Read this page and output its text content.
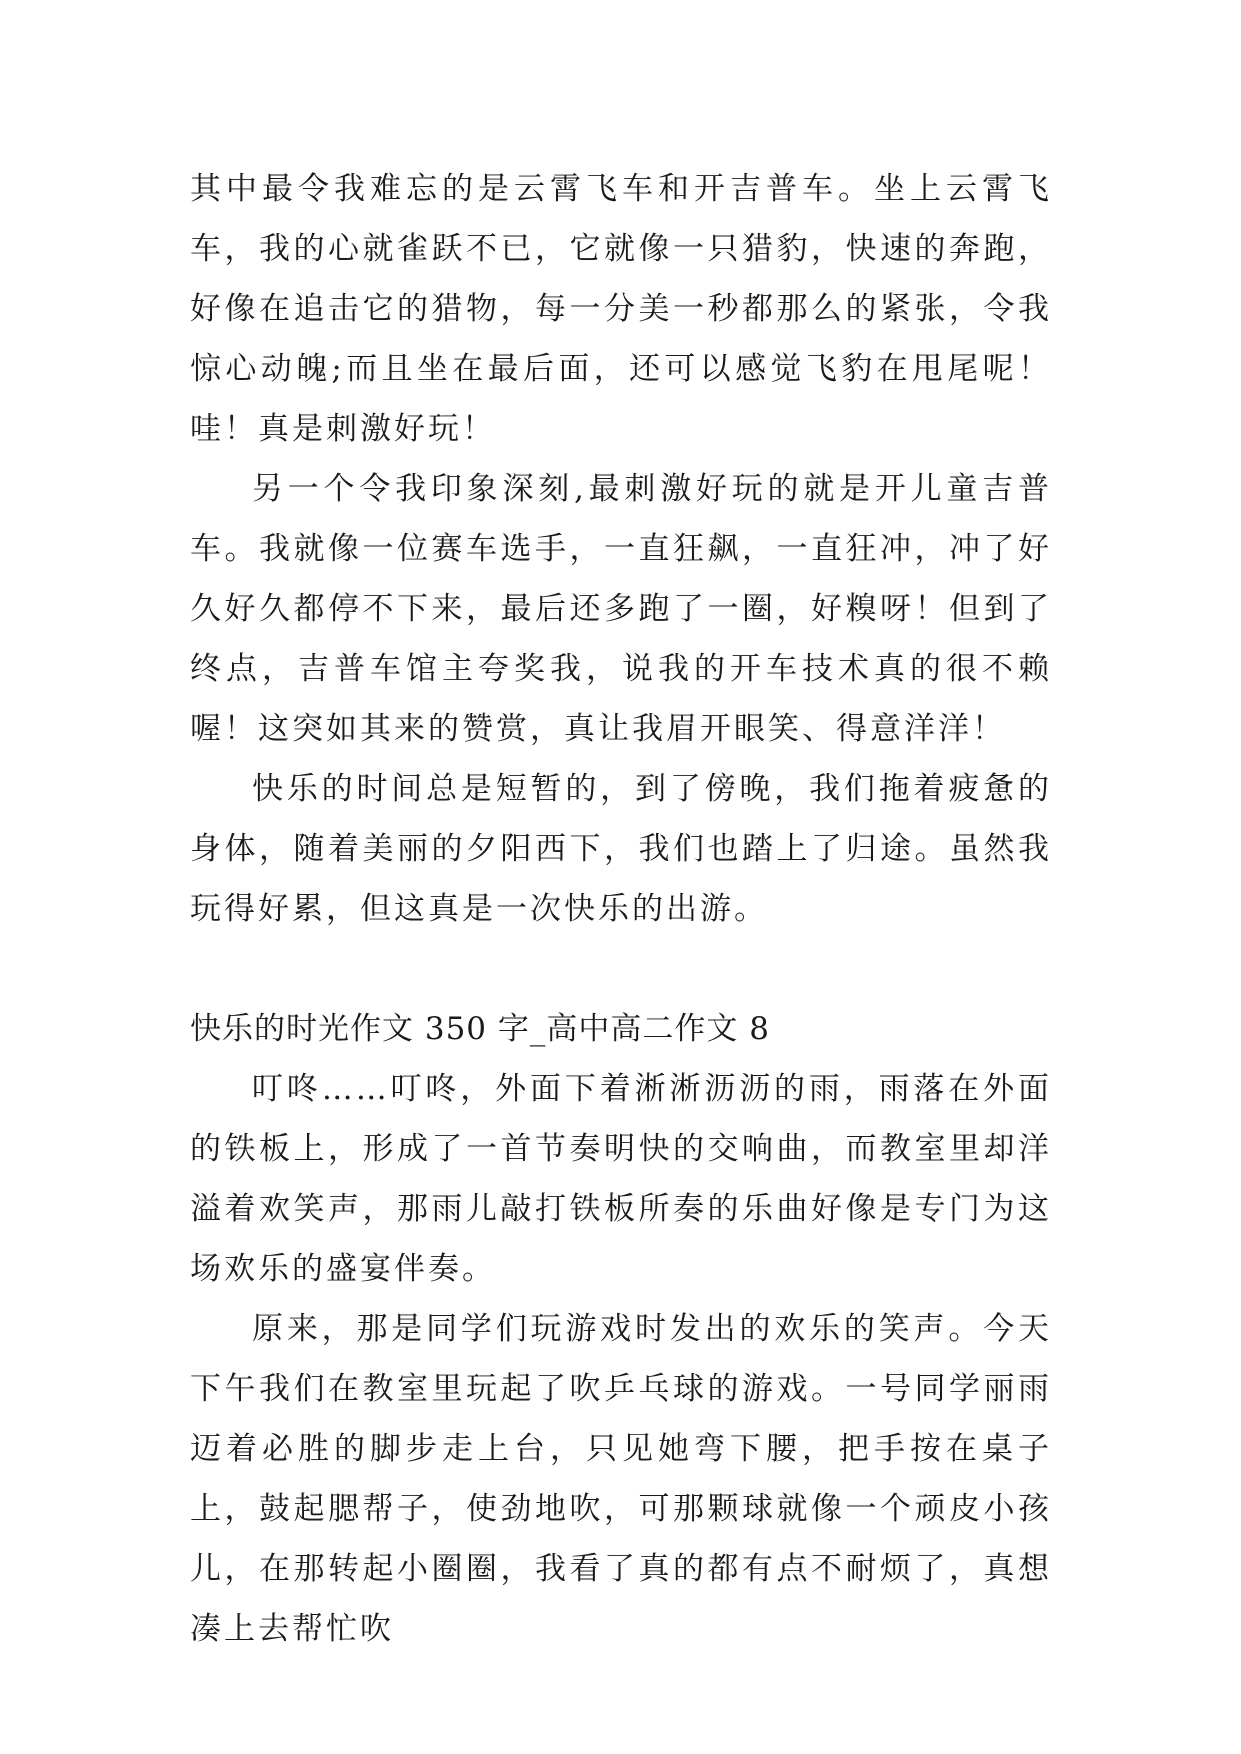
其中最令我难忘的是云霄飞车和开吉普车。坐上云霄飞车，我的心就雀跃不已，它就像一只猎豹，快速的奔跑，好像在追击它的猎物，每一分美一秒都那么的紧张，令我惊心动魄;而且坐在最后面，还可以感觉飞豹在甩尾呢！哇！真是刺激好玩！

另一个令我印象深刻,最刺激好玩的就是开儿童吉普车。我就像一位赛车选手，一直狂飙，一直狂冲，冲了好久好久都停不下来，最后还多跑了一圈，好糗呀！但到了终点，吉普车馆主夸奖我，说我的开车技术真的很不赖喔！这突如其来的赞赏，真让我眉开眼笑、得意洋洋！

快乐的时间总是短暂的，到了傍晚，我们拖着疲惫的身体，随着美丽的夕阳西下，我们也踏上了归途。虽然我玩得好累，但这真是一次快乐的出游。

快乐的时光作文 350 字_高中高二作文 8

叮咚……叮咚，外面下着淅淅沥沥的雨，雨落在外面的铁板上，形成了一首节奏明快的交响曲，而教室里却洋溢着欢笑声，那雨儿敲打铁板所奏的乐曲好像是专门为这场欢乐的盛宴伴奏。

原来，那是同学们玩游戏时发出的欢乐的笑声。今天下午我们在教室里玩起了吹乒乓球的游戏。一号同学丽雨迈着必胜的脚步走上台，只见她弯下腰，把手按在桌子上，鼓起腮帮子，使劲地吹，可那颗球就像一个顽皮小孩儿，在那转起小圈圈，我看了真的都有点不耐烦了，真想凑上去帮忙吹
